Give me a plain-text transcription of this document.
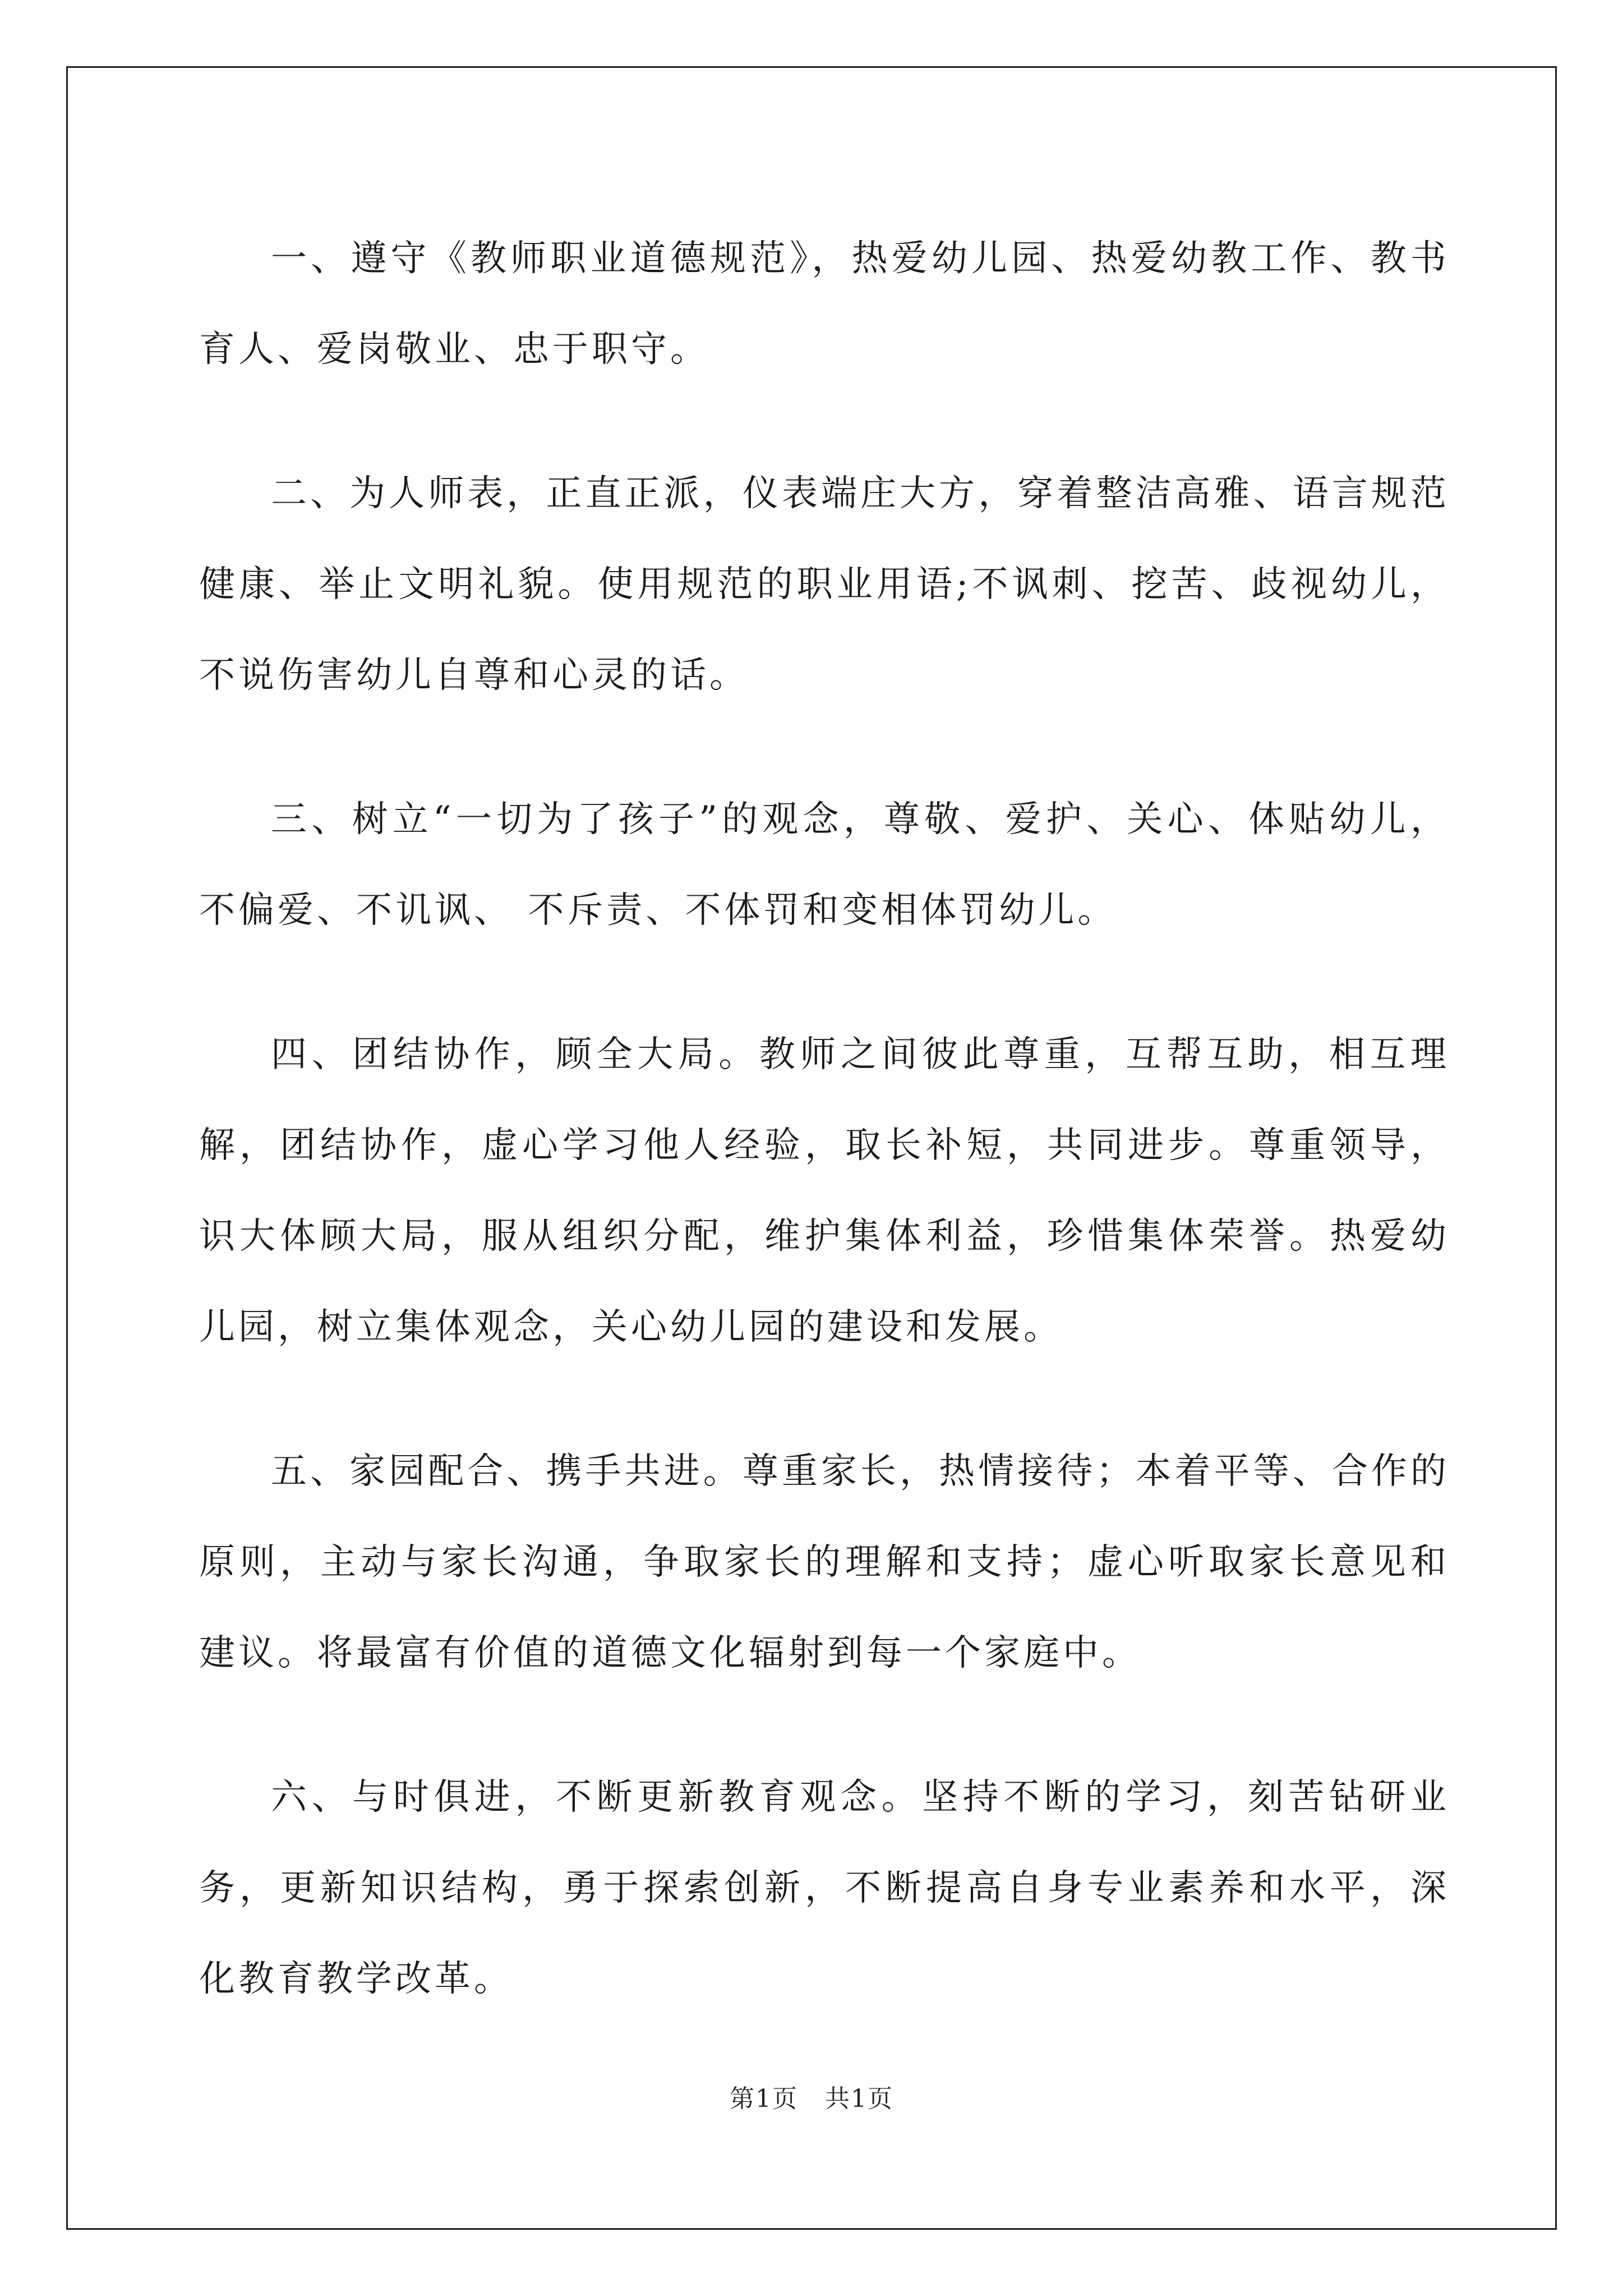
一、遵守《教师职业道德规范》，热爱幼儿园、热爱幼教工作、教书育人、爱岗敬业、忠于职守。

二、为人师表，正直正派，仪表端庄大方，穿着整洁高雅、语言规范健康、举止文明礼貌。使用规范的职业用语;不讽刺、挖苦、歧视幼儿，不说伤害幼儿自尊和心灵的话。

三、树立“一切为了孩子”的观念，尊敬、爱护、关心、体贴幼儿，不偏爱、不讥讽、 不斥责、不体罚和变相体罚幼儿。

四、团结协作，顾全大局。教师之间彼此尊重，互帮互助，相互理解，团结协作，虚心学习他人经验，取长补短，共同进步。尊重领导，识大体顾大局，服从组织分配，维护集体利益，珍惜集体荣誉。热爱幼儿园，树立集体观念，关心幼儿园的建设和发展。

五、家园配合、携手共进。尊重家长，热情接待；本着平等、合作的原则，主动与家长沟通，争取家长的理解和支持；虚心听取家长意见和建议。将最富有价值的道德文化辐射到每一个家庭中。

六、与时俱进，不断更新教育观念。坚持不断的学习，刻苦钻研业务，更新知识结构，勇于探索创新，不断提高自身专业素养和水平，深化教育教学改革。

第1页   共1页
